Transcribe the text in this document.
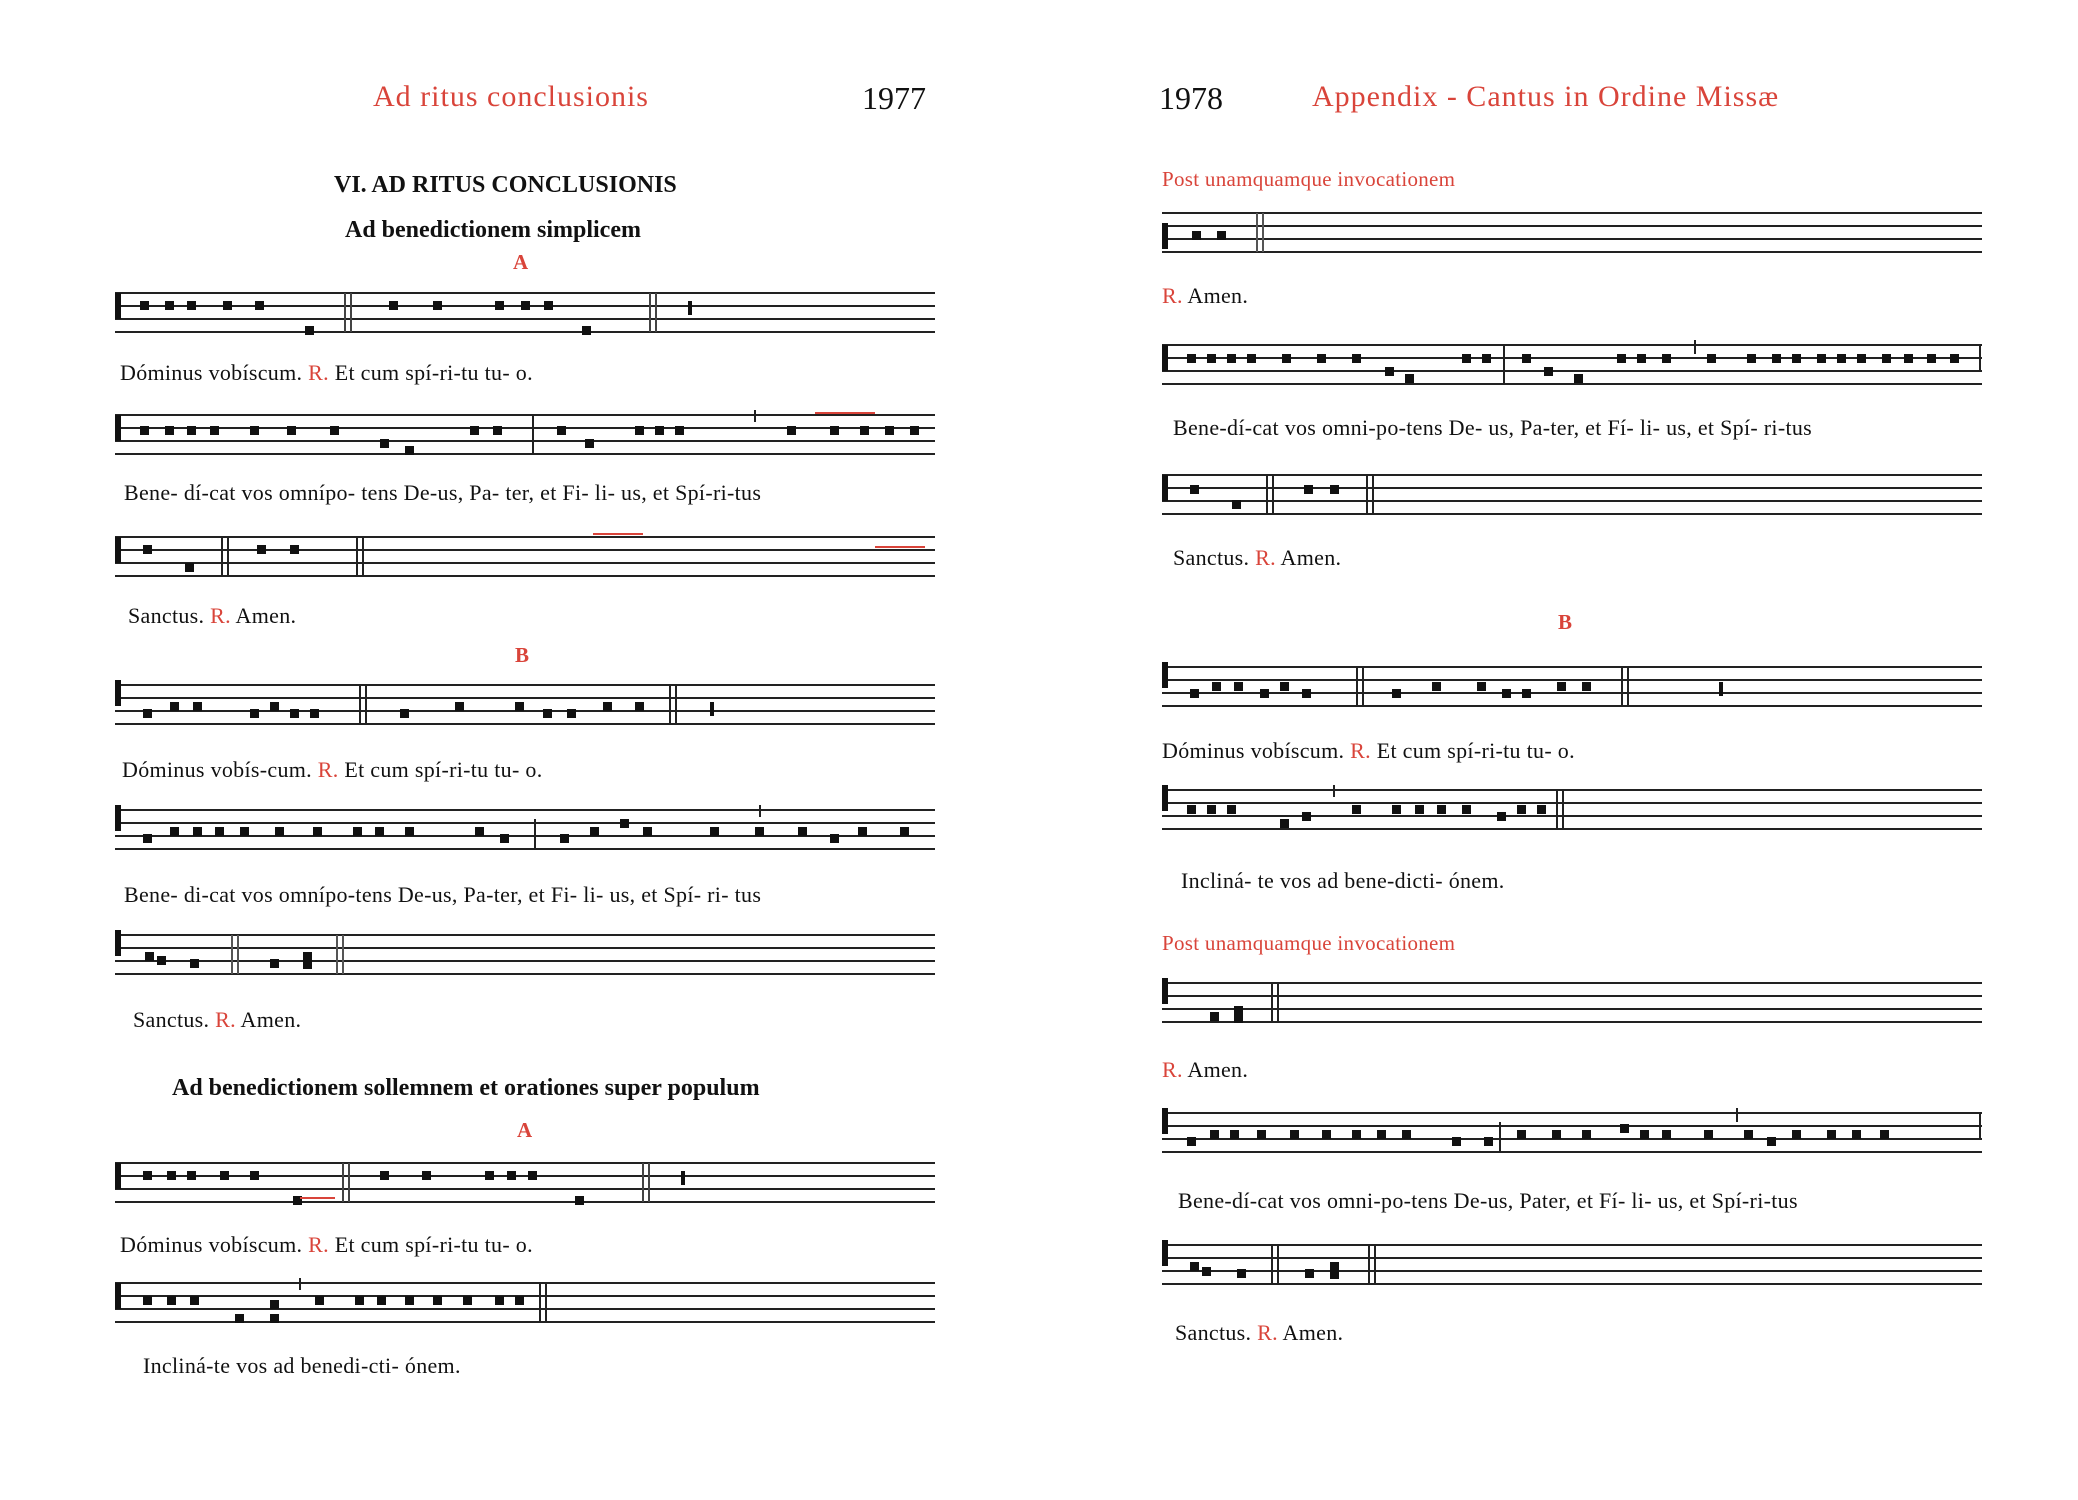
Ad ritus conclusionis	1977
VI. AD RITUS CONCLUSIONIS
Ad benedictionem simplicem
A
Dóminus vobíscum. R. Et cum spí-ri-tu tu- o.
Bene- dí-cat vos omnípo- tens De-us, Pa- ter, et Fi- li- us, et Spí-ri-tus
Sanctus. R. Amen.
B
Dóminus vobís-cum. R. Et cum spí-ri-tu tu- o.
Bene- di-cat vos omnípo-tens De-us, Pa-ter, et Fi- li- us, et Spí- ri- tus
Sanctus. R. Amen.
Ad benedictionem sollemnem et orationes super populum
A
Dóminus vobíscum. R. Et cum spí-ri-tu tu- o.
Incliná-te vos ad benedi-cti- ónem.
1978	Appendix - Cantus in Ordine Missæ
Post unamquamque invocationem
R. Amen.
Bene-dí-cat vos omni-po-tens De- us, Pa-ter, et Fí- li- us, et Spí- ri-tus
Sanctus. R. Amen.
B
Dóminus vobíscum. R. Et cum spí-ri-tu tu- o.
Incliná- te vos ad bene-dicti- ónem.
Post unamquamque invocationem
R. Amen.
Bene-dí-cat vos omni-po-tens De-us, Pater, et Fí- li- us, et Spí-ri-tus
Sanctus. R. Amen.
